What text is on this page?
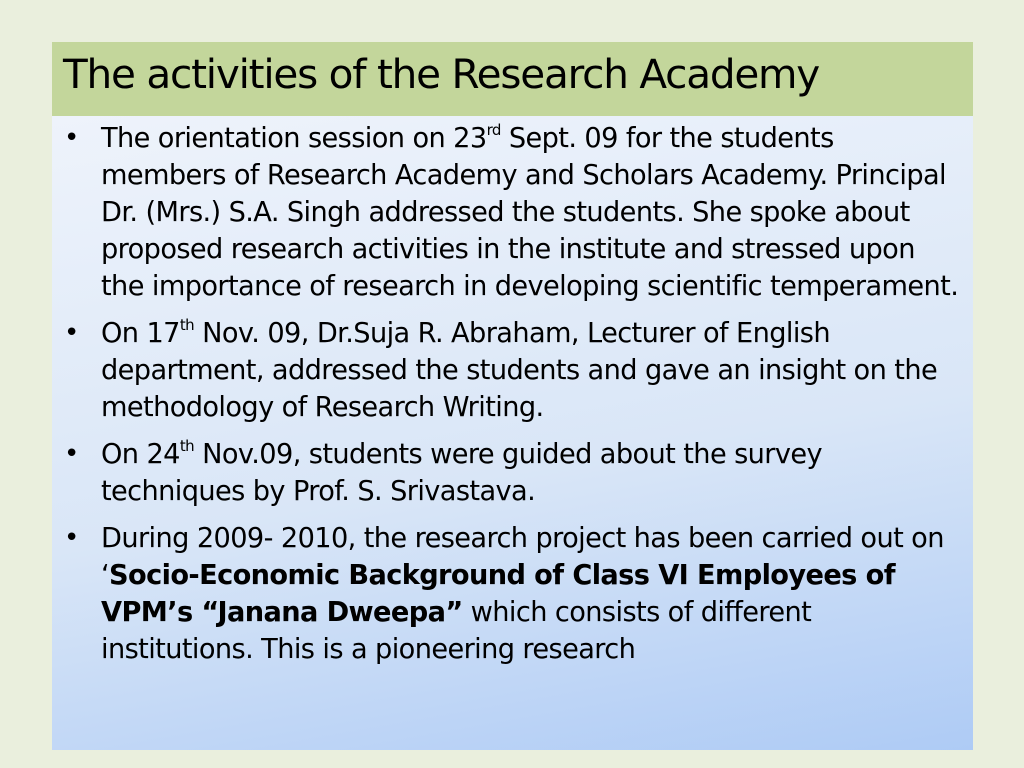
The activities of the Research Academy
• The orientation session on 23rd Sept. 09 for the students members of Research Academy and Scholars Academy. Principal Dr. (Mrs.) S.A. Singh addressed the students. She spoke about proposed research activities in the institute and stressed upon the importance of research in developing scientific temperament.
• On 17th Nov. 09, Dr.Suja R. Abraham, Lecturer of English department, addressed the students and gave an insight on the methodology of Research Writing.
• On 24th Nov.09, students were guided about the survey techniques by Prof. S. Srivastava.
• During 2009- 2010, the research project has been carried out on ‘Socio-Economic Background of Class VI Employees of VPM’s “Janana Dweepa” which consists of different institutions. This is a pioneering research
